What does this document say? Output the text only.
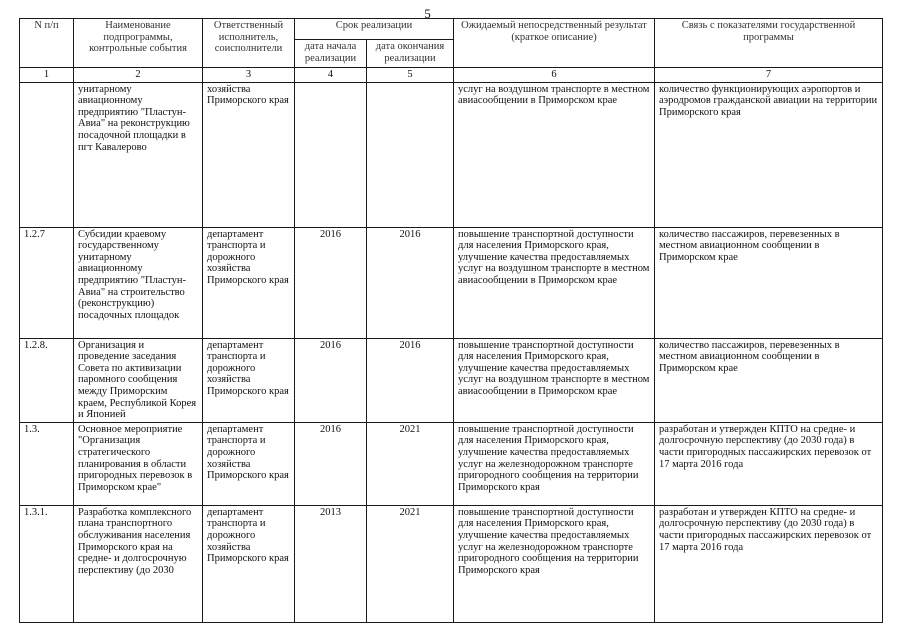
5
N п/п	Наименование подпрограммы, контрольные события	Ответственный исполнитель, соисполнители	Срок реализации		Ожидаемый непосредственный результат (краткое описание)	Связь с показателями государственной программы
			дата начала реализации	дата окончания реализации		
1	2	3	4	5	6	7
	унитарному авиационному предприятию "Пластун-Авиа" на реконструкцию посадочной площадки в пгт Кавалерово	хозяйства Приморского края			услуг на воздушном транспорте в местном авиасообщении в Приморском крае	количество функционирующих аэропортов и аэродромов гражданской авиации на территории Приморского края
1.2.7	Субсидии краевому государственному унитарному авиационному предприятию "Пластун-Авиа" на строительство (реконструкцию) посадочных площадок	департамент транспорта и дорожного хозяйства Приморского края	2016	2016	повышение транспортной доступности для населения Приморского края, улучшение качества предоставляемых услуг на воздушном транспорте в местном авиасообщении в Приморском крае	количество пассажиров, перевезенных в местном авиационном сообщении в Приморском крае
1.2.8.	Организация и проведение заседания Совета по активизации паромного сообщения между Приморским краем, Республикой Корея и Японией	департамент транспорта и дорожного хозяйства Приморского края	2016	2016	повышение транспортной доступности для населения Приморского края, улучшение качества предоставляемых услуг на воздушном транспорте в местном авиасообщении в Приморском крае	количество пассажиров, перевезенных в местном авиационном сообщении в Приморском крае
1.3.	Основное мероприятие "Организация стратегического планирования в области пригородных перевозок в Приморском крае"	департамент транспорта и дорожного хозяйства Приморского края	2016	2021	повышение транспортной доступности для населения Приморского края, улучшение качества предоставляемых услуг на железнодорожном транспорте пригородного сообщения на территории Приморского края	разработан и утвержден КПТО на средне- и долгосрочную перспективу (до 2030 года) в части пригородных пассажирских перевозок от 17 марта 2016 года
1.3.1.	Разработка комплексного плана транспортного обслуживания населения Приморского края на средне- и долгосрочную перспективу (до 2030	департамент транспорта и дорожного хозяйства Приморского края	2013	2021	повышение транспортной доступности для населения Приморского края, улучшение качества предоставляемых услуг на железнодорожном транспорте пригородного сообщения на территории Приморского края	разработан и утвержден КПТО на средне- и долгосрочную перспективу (до 2030 года) в части пригородных пассажирских перевозок от 17 марта 2016 года
